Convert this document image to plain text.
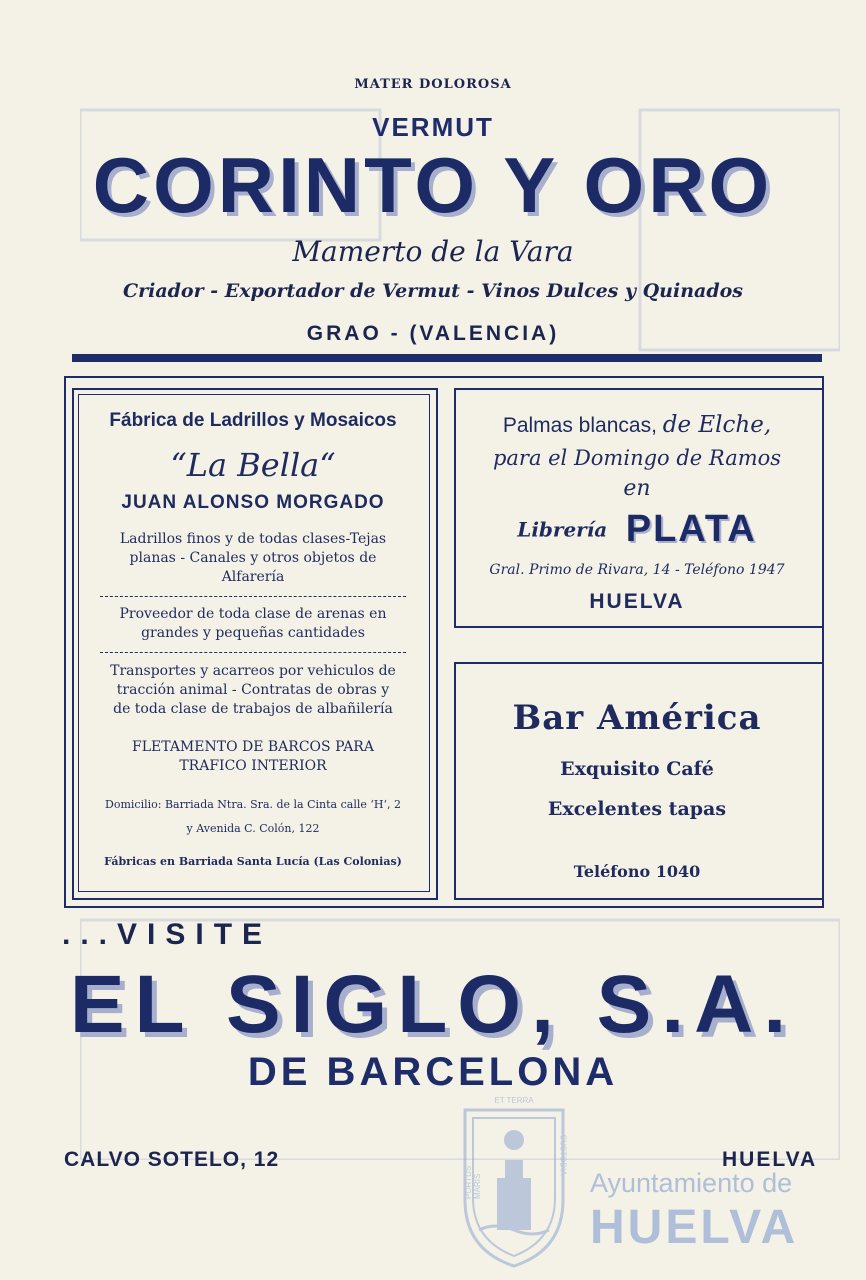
MATER DOLOROSA
VERMUT
CORINTO Y ORO
Mamerto de la Vara
Criador - Exportador de Vermut - Vinos Dulces y Quinados
GRAO - (VALENCIA)
Fábrica de Ladrillos y Mosaicos
“La Bella“
JUAN ALONSO MORGADO
Ladrillos finos y de todas clases-Tejas planas - Canales y otros objetos de Alfarería
Proveedor de toda clase de arenas en grandes y pequeñas cantidades
Transportes y acarreos por vehiculos de tracción animal - Contratas de obras y de toda clase de trabajos de albañilería
FLETAMENTO DE BARCOS PARA TRAFICO INTERIOR
Domicilio: Barriada Ntra. Sra. de la Cinta calle ‘H‘, 2
y Avenida C. Colón, 122
Fábricas en Barriada Santa Lucía (Las Colonias)
Palmas blancas, de Elche,
para el Domingo de Ramos
en
Librería PLATA
Gral. Primo de Rivara, 14 - Teléfono 1947
HUELVA
Bar América
Exquisito Café
Excelentes tapas
Teléfono 1040
...VISITE
EL SIGLO, S.A.
DE BARCELONA
CALVO SOTELO, 12	HUELVA
ET TERRA
PORTUS MARIS
CUSTODIA
Ayuntamiento de
HUELVA
